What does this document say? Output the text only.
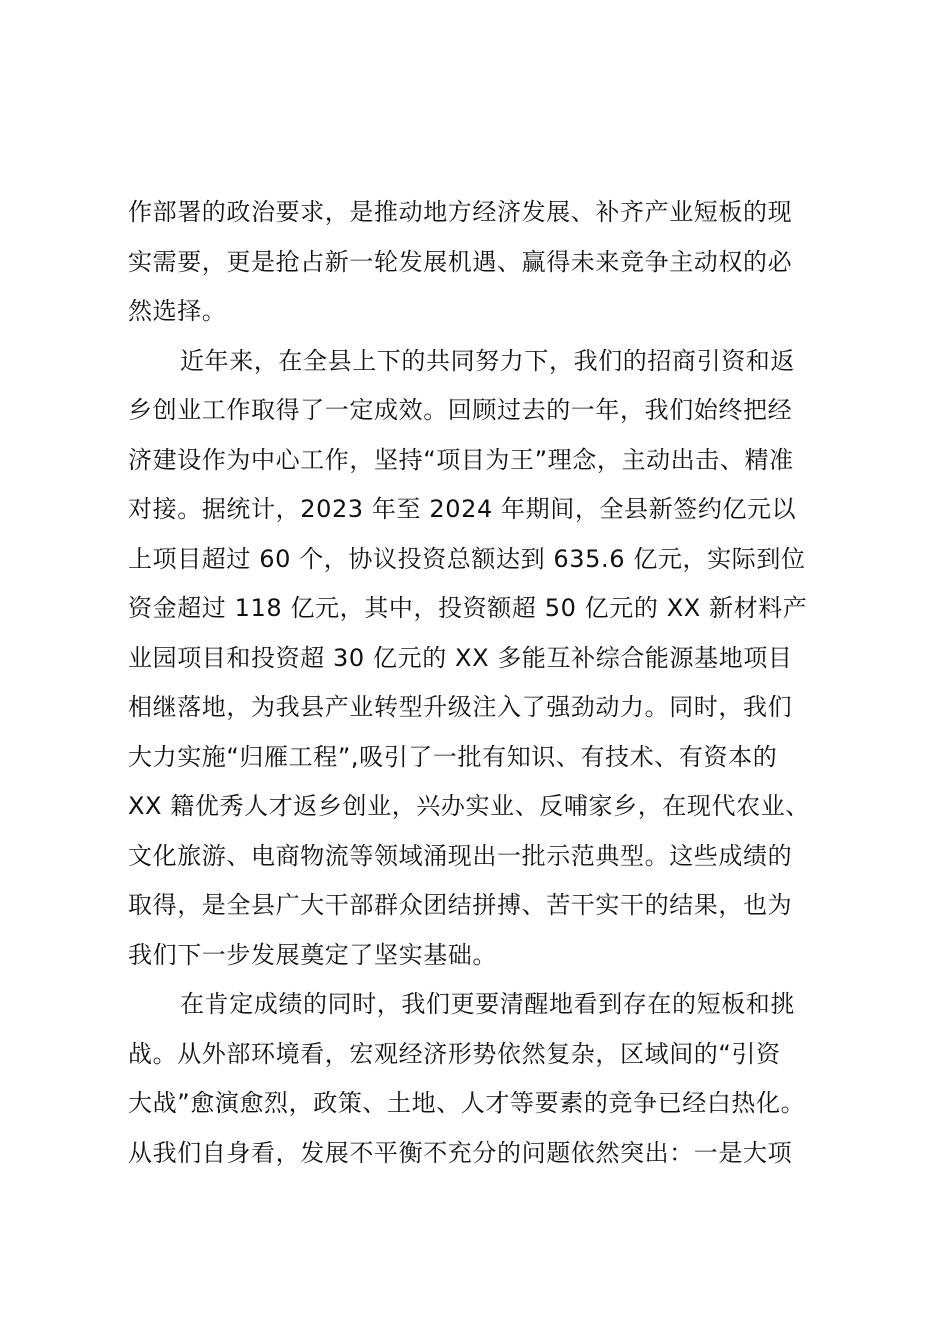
作部署的政治要求，是推动地方经济发展、补齐产业短板的现
实需要，更是抢占新一轮发展机遇、赢得未来竞争主动权的必
然选择。
近年来，在全县上下的共同努力下，我们的招商引资和返
乡创业工作取得了一定成效。回顾过去的一年，我们始终把经
济建设作为中心工作，坚持“项目为王”理念，主动出击、精准
对接。据统计，2023 年至 2024 年期间，全县新签约亿元以
上项目超过 60 个，协议投资总额达到 635.6 亿元，实际到位
资金超过 118 亿元，其中，投资额超 50 亿元的 XX 新材料产
业园项目和投资超 30 亿元的 XX 多能互补综合能源基地项目
相继落地，为我县产业转型升级注入了强劲动力。同时，我们
大力实施“归雁工程”,吸引了一批有知识、有技术、有资本的
XX 籍优秀人才返乡创业，兴办实业、反哺家乡，在现代农业、
文化旅游、电商物流等领域涌现出一批示范典型。这些成绩的
取得，是全县广大干部群众团结拼搏、苦干实干的结果，也为
我们下一步发展奠定了坚实基础。
在肯定成绩的同时，我们更要清醒地看到存在的短板和挑
战。从外部环境看，宏观经济形势依然复杂，区域间的“引资
大战”愈演愈烈，政策、土地、人才等要素的竞争已经白热化。
从我们自身看，发展不平衡不充分的问题依然突出：一是大项
